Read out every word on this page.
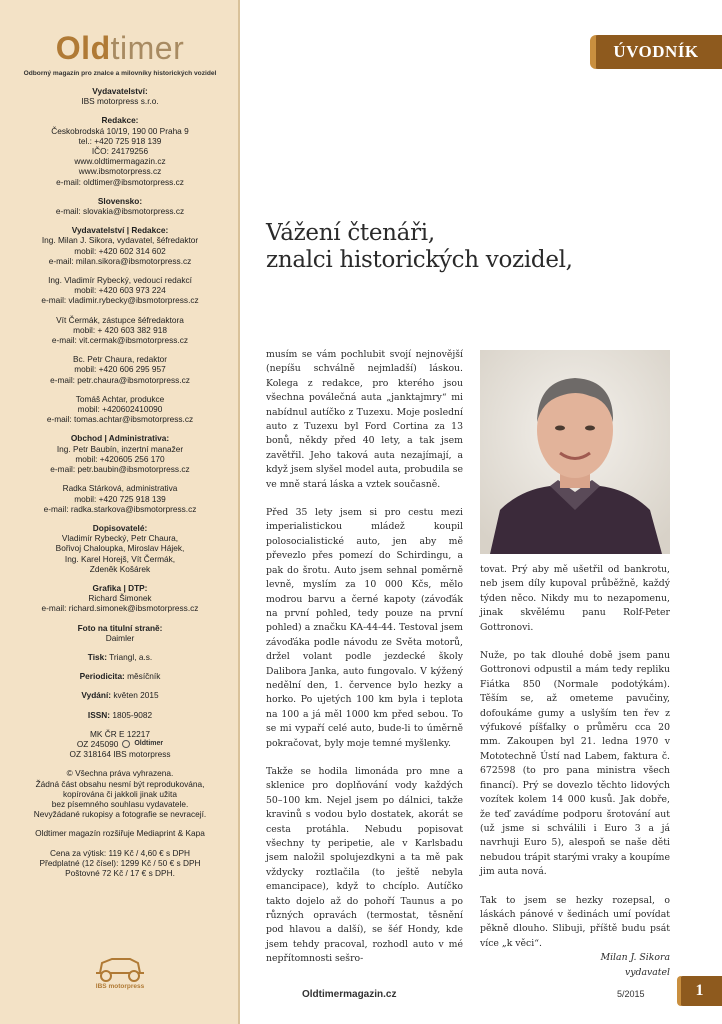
Oldtimer
Odborný magazín pro znalce a milovníky historických vozidel
Vydavatelství:
IBS motorpress s.r.o.
Redakce:
Českobrodská 10/19, 190 00 Praha 9
tel.: +420 725 918 139
IČO: 24179256
www.oldtimermagazin.cz
www.ibsmotorpress.cz
e-mail: oldtimer@ibsmotorpress.cz
Slovensko:
e-mail: slovakia@ibsmotorpress.cz
Vydavatelství | Redakce:
Ing. Milan J. Sikora, vydavatel, šéfredaktor
mobil: +420 602 314 602
e-mail: milan.sikora@ibsmotorpress.cz
Ing. Vladimír Rybecký, vedoucí redakcí
mobil: +420 603 973 224
e-mail: vladimir.rybecky@ibsmotorpress.cz
Vít Čermák, zástupce šéfredaktora
mobil: + 420 603 382 918
e-mail: vit.cermak@ibsmotorpress.cz
Bc. Petr Chaura, redaktor
mobil: +420 606 295 957
e-mail: petr.chaura@ibsmotorpress.cz
Tomáš Achtar, produkce
mobil: +420602410090
e-mail: tomas.achtar@ibsmotorpress.cz
Obchod | Administrativa:
Ing. Petr Baubín, inzertní manažer
mobil: +420605 256 170
e-mail: petr.baubin@ibsmotorpress.cz
Radka Stárková, administrativa
mobil: +420 725 918 139
e-mail: radka.starkova@ibsmotorpress.cz
Dopisovatelé:
Vladimír Rybecký, Petr Chaura,
Bořivoj Chaloupka, Miroslav Hájek,
Ing. Karel Horejš, Vít Čermák,
Zdeněk Košárek
Grafika | DTP:
Richard Šimonek
e-mail: richard.simonek@ibsmotorpress.cz
Foto na titulní straně:
Daimler
Tisk: Triangl, a.s.
Periodicita: měsíčník
Vydání: květen 2015
ISSN: 1805-9082
MK ČR E 12217
OZ 245090 Oldtimer
OZ 318164 IBS motorpress
© Všechna práva vyhrazena.
Žádná část obsahu nesmí být reprodukována,
kopírována či jakkoli jinak užita
bez písemného souhlasu vydavatele.
Nevyžádané rukopisy a fotografie se nevracejí.
Oldtimer magazín rozšiřuje Mediaprint & Kapa
Cena za výtisk: 119 Kč / 4,60 € s DPH
Předplatné (12 čísel): 1299 Kč / 50 € s DPH
Poštovné 72 Kč / 17 € s DPH.
IBS motorpress
ÚVODNÍK
Vážení čtenáři,
znalci historických vozidel,

musím se vám pochlubit svojí nejnovější (nepíšu schválně nejmladší) láskou. Kolega z redakce, pro kterého jsou všechna poválečná auta „janktajmry“ mi nabídnul autíčko z Tuzexu. Moje poslední auto z Tuzexu byl Ford Cortina za 13 bonů, někdy před 40 lety, a tak jsem zavětřil. Jeho taková auta nezajímají, a když jsem slyšel model auta, probudila se ve mně stará láska a vztek současně.

Před 35 lety jsem si pro cestu mezi imperialistickou mládež koupil polosocialistické auto, jen aby mě převezlo přes pomezí do Schirdingu, a pak do šrotu. Auto jsem sehnal poměrně levně, myslím za 10 000 Kčs, mělo modrou barvu a černé kapoty (závoďák na první pohled, tedy pouze na první pohled) a značku KA-44-44. Testoval jsem závoďáka podle návodu ze Světa motorů, držel volant podle jezdecké školy Dalibora Janka, auto fungovalo. V kýžený nedělní den, 1. července bylo hezky a horko. Po ujetých 100 km byla i teplota na 100 a já měl 1000 km před sebou. To se mi vypaří celé auto, bude-li to úměrně pokračovat, byly moje temné myšlenky.

Takže se hodila limonáda pro mne a sklenice pro doplňování vody každých 50–100 km. Nejel jsem po dálnici, takže kravinů s vodou bylo dostatek, akorát se cesta protáhla. Nebudu popisovat všechny ty peripetie, ale v Karlsbadu jsem naložil spolujezdkyni a ta mě pak vždycky roztlačila (to ještě nebyla emancipace), když to chcíplo. Autíčko takto dojelo až do pohoří Taunus a po různých opravách (termostat, těsnění pod hlavou a další), se šéf Hondy, kde jsem tehdy pracoval, rozhodl auto v mé nepřítomnosti sešro-

tovat. Prý aby mě ušetřil od bankrotu, neb jsem díly kupoval průběžně, každý týden něco. Nikdy mu to nezapomenu, jinak skvělému panu Rolf-Peter Gottronovi.

Nuže, po tak dlouhé době jsem panu Gottronovi odpustil a mám tedy repliku Fiátka 850 (Normale podotýkám). Těším se, až ometeme pavučiny, dofoukáme gumy a uslyším ten řev z výfukové píšťalky o průměru cca 20 mm. Zakoupen byl 21. ledna 1970 v Mototechně Ústí nad Labem, faktura č. 672598 (to pro pana ministra všech financí). Prý se dovezlo těchto lidových vozítek kolem 14 000 kusů. Jak dobře, že teď zavádíme podporu šrotování aut (už jsme si schválili i Euro 3 a já navrhuji Euro 5), alespoň se naše děti nebudou trápit starými vraky a koupíme jim auta nová.

Tak to jsem se hezky rozepsal, o láskách pánové v šedinách umí povídat pěkně dlouho. Slibuji, příště budu psát více „k věci“.

Milan J. Sikora
vydavatel
Oldtimermagazin.cz	5/2015	1
